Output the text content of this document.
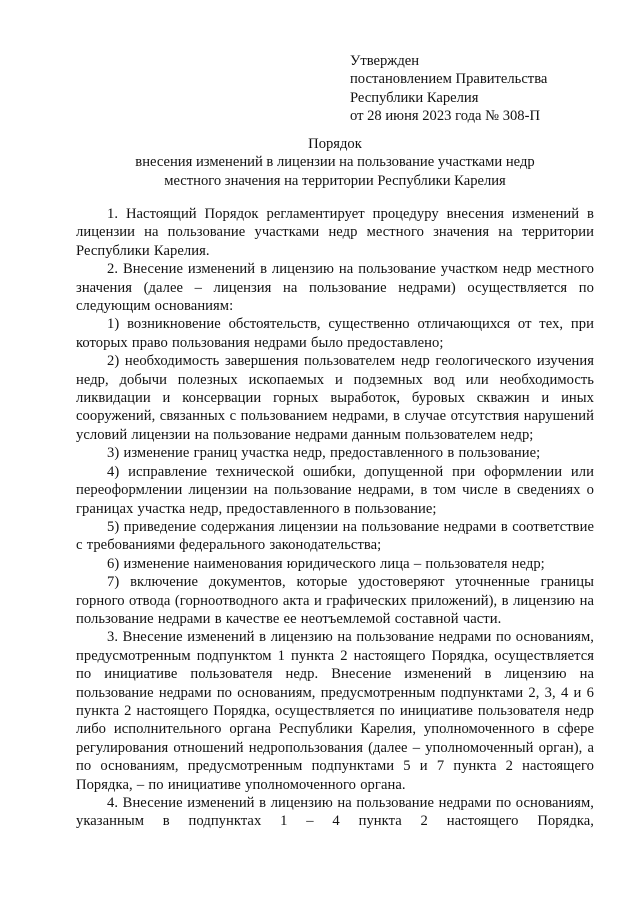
Утвержден
постановлением Правительства
Республики Карелия
от 28 июня 2023 года № 308-П
Порядок
внесения изменений в лицензии на пользование участками недр
местного значения на территории Республики Карелия

1. Настоящий Порядок регламентирует процедуру внесения изменений в лицензии на пользование участками недр местного значения на территории Республики Карелия.

2. Внесение изменений в лицензию на пользование участком недр местного значения (далее – лицензия на пользование недрами) осуществляется по следующим основаниям:

1) возникновение обстоятельств, существенно отличающихся от тех, при которых право пользования недрами было предоставлено;

2) необходимость завершения пользователем недр геологического изучения недр, добычи полезных ископаемых и подземных вод или необходимость ликвидации и консервации горных выработок, буровых скважин и иных сооружений, связанных с пользованием недрами, в случае отсутствия нарушений условий лицензии на пользование недрами данным пользователем недр;

3) изменение границ участка недр, предоставленного в пользование;

4) исправление технической ошибки, допущенной при оформлении или переоформлении лицензии на пользование недрами, в том числе в сведениях о границах участка недр, предоставленного в пользование;

5) приведение содержания лицензии на пользование недрами в соответствие с требованиями федерального законодательства;

6) изменение наименования юридического лица – пользователя недр;

7) включение документов, которые удостоверяют уточненные границы горного отвода (горноотводного акта и графических приложений), в лицензию на пользование недрами в качестве ее неотъемлемой составной части.

3. Внесение изменений в лицензию на пользование недрами по основаниям, предусмотренным подпунктом 1 пункта 2 настоящего Порядка, осуществляется по инициативе пользователя недр. Внесение изменений в лицензию на пользование недрами по основаниям, предусмотренным подпунктами 2, 3, 4 и 6 пункта 2 настоящего Порядка, осуществляется по инициативе пользователя недр либо исполнительного органа Республики Карелия, уполномоченного в сфере регулирования отношений недропользования (далее – уполномоченный орган), а по основаниям, предусмотренным подпунктами 5 и 7 пункта 2 настоящего Порядка, – по инициативе уполномоченного органа.

4. Внесение изменений в лицензию на пользование недрами по основаниям, указанным в подпунктах 1 – 4 пункта 2 настоящего Порядка,
